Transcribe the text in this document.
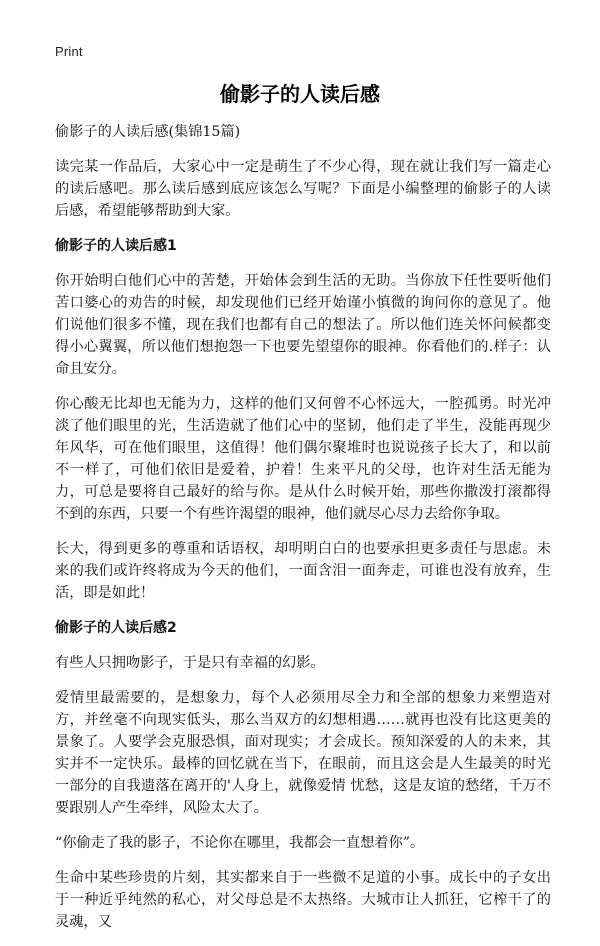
Print
偷影子的人读后感
偷影子的人读后感(集锦15篇)

读完某一作品后，大家心中一定是萌生了不少心得，现在就让我们写一篇走心的读后感吧。那么读后感到底应该怎么写呢？下面是小编整理的偷影子的人读后感，希望能够帮助到大家。

偷影子的人读后感1

你开始明白他们心中的苦楚，开始体会到生活的无助。当你放下任性要听他们苦口婆心的劝告的时候，却发现他们已经开始谨小慎微的询问你的意见了。他们说他们很多不懂，现在我们也都有自己的想法了。所以他们连关怀问候都变得小心翼翼，所以他们想抱怨一下也要先望望你的眼神。你看他们的.样子：认命且安分。

你心酸无比却也无能为力，这样的他们又何曾不心怀远大，一腔孤勇。时光冲淡了他们眼里的光，生活造就了他们心中的坚韧，他们走了半生，没能再现少年风华，可在他们眼里，这值得！他们偶尔聚堆时也说说孩子长大了，和以前不一样了，可他们依旧是爱着，护着！生来平凡的父母，也许对生活无能为力，可总是要将自己最好的给与你。是从什么时候开始，那些你撒泼打滚都得不到的东西，只要一个有些许渴望的眼神，他们就尽心尽力去给你争取。

长大，得到更多的尊重和话语权，却明明白白的也要承担更多责任与思虑。未来的我们或许终将成为今天的他们，一面含泪一面奔走，可谁也没有放弃，生活，即是如此！

偷影子的人读后感2

有些人只拥吻影子，于是只有幸福的幻影。

爱情里最需要的，是想象力，每个人必须用尽全力和全部的想象力来塑造对方，并丝毫不向现实低头，那么当双方的幻想相遇……就再也没有比这更美的景象了。人要学会克服恐惧，面对现实；才会成长。预知深爱的人的未来，其实并不一定快乐。最棒的回忆就在当下，在眼前，而且这会是人生最美的时光一部分的自我遗落在离开的'人身上，就像爱情 忧愁，这是友谊的愁绪，千万不要跟别人产生牵绊，风险太大了。

“你偷走了我的影子，不论你在哪里，我都会一直想着你”。

生命中某些珍贵的片刻，其实都来自于一些微不足道的小事。成长中的子女出于一种近乎纯然的私心，对父母总是不太热络。大城市让人抓狂，它榨干了的灵魂，又
